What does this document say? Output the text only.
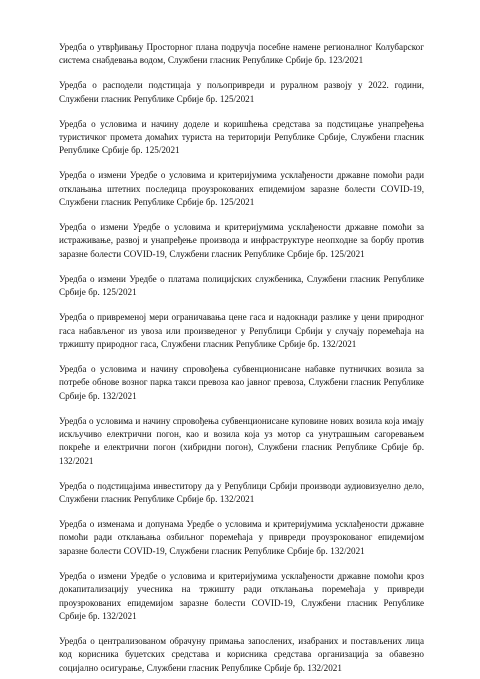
Уредба о утврђивању Просторног плана подручја посебне намене регионалног Колубарског система снабдевања водом, Службени гласник Републике Србије бр. 123/2021

Уредба о расподели подстицаја у пољопривреди и руралном развоју у 2022. години, Службени гласник Републике Србије бр. 125/2021

Уредба о условима и начину доделе и коришћења средстава за подстицање унапређења туристичког промета домаћих туриста на територији Републике Србије, Службени гласник Републике Србије бр. 125/2021

Уредба о измени Уредбе о условима и критеријумима усклађености државне помоћи ради отклањања штетних последица проузрокованих епидемијом заразне болести COVID-19, Службени гласник Републике Србије бр. 125/2021

Уредба о измени Уредбе о условима и критеријумима усклађености државне помоћи за истраживање, развој и унапређење производа и инфраструктуре неопходне за борбу против заразне болести COVID-19, Службени гласник Републике Србије бр. 125/2021

Уредба о измени Уредбе о платама полицијских службеника, Службени гласник Републике Србије бр. 125/2021

Уредба о привременој мери ограничавања цене гаса и надокнади разлике у цени природног гаса набављеног из увоза или произведеног у Републици Србији у случају поремећаја на тржишту природног гаса, Службени гласник Републике Србије бр. 132/2021

Уредба о условима и начину спровођења субвенционисане набавке путничких возила за потребе обнове возног парка такси превоза као јавног превоза, Службени гласник Републике Србије бр. 132/2021

Уредба о условима и начину спровођења субвенционисане куповине нових возила која имају искључиво електрични погон, као и возила која уз мотор са унутрашњим сагоревањем покреће и електрични погон (хибридни погон), Службени гласник Републике Србије бр. 132/2021

Уредба о подстицајима инвеститору да у Републици Србији производи аудиовизуелно дело, Службени гласник Републике Србије бр. 132/2021

Уредба о изменама и допунама Уредбе о условима и критеријумима усклађености државне помоћи ради отклањања озбиљног поремећаја у привреди проузрокованог епидемијом заразне болести COVID-19, Службени гласник Републике Србије бр. 132/2021

Уредба о измени Уредбе о условима и критеријумима усклађености државне помоћи кроз докапитализацију учесника на тржишту ради отклањања поремећаја у привреди проузрокованих епидемијом заразне болести COVID-19, Службени гласник Републике Србије бр. 132/2021

Уредба о централизованом обрачуну примања запослених, изабраних и постављених лица код корисника буџетских средстава и корисника средстава организација за обавезно социјално осигурање, Службени гласник Републике Србије бр. 132/2021
